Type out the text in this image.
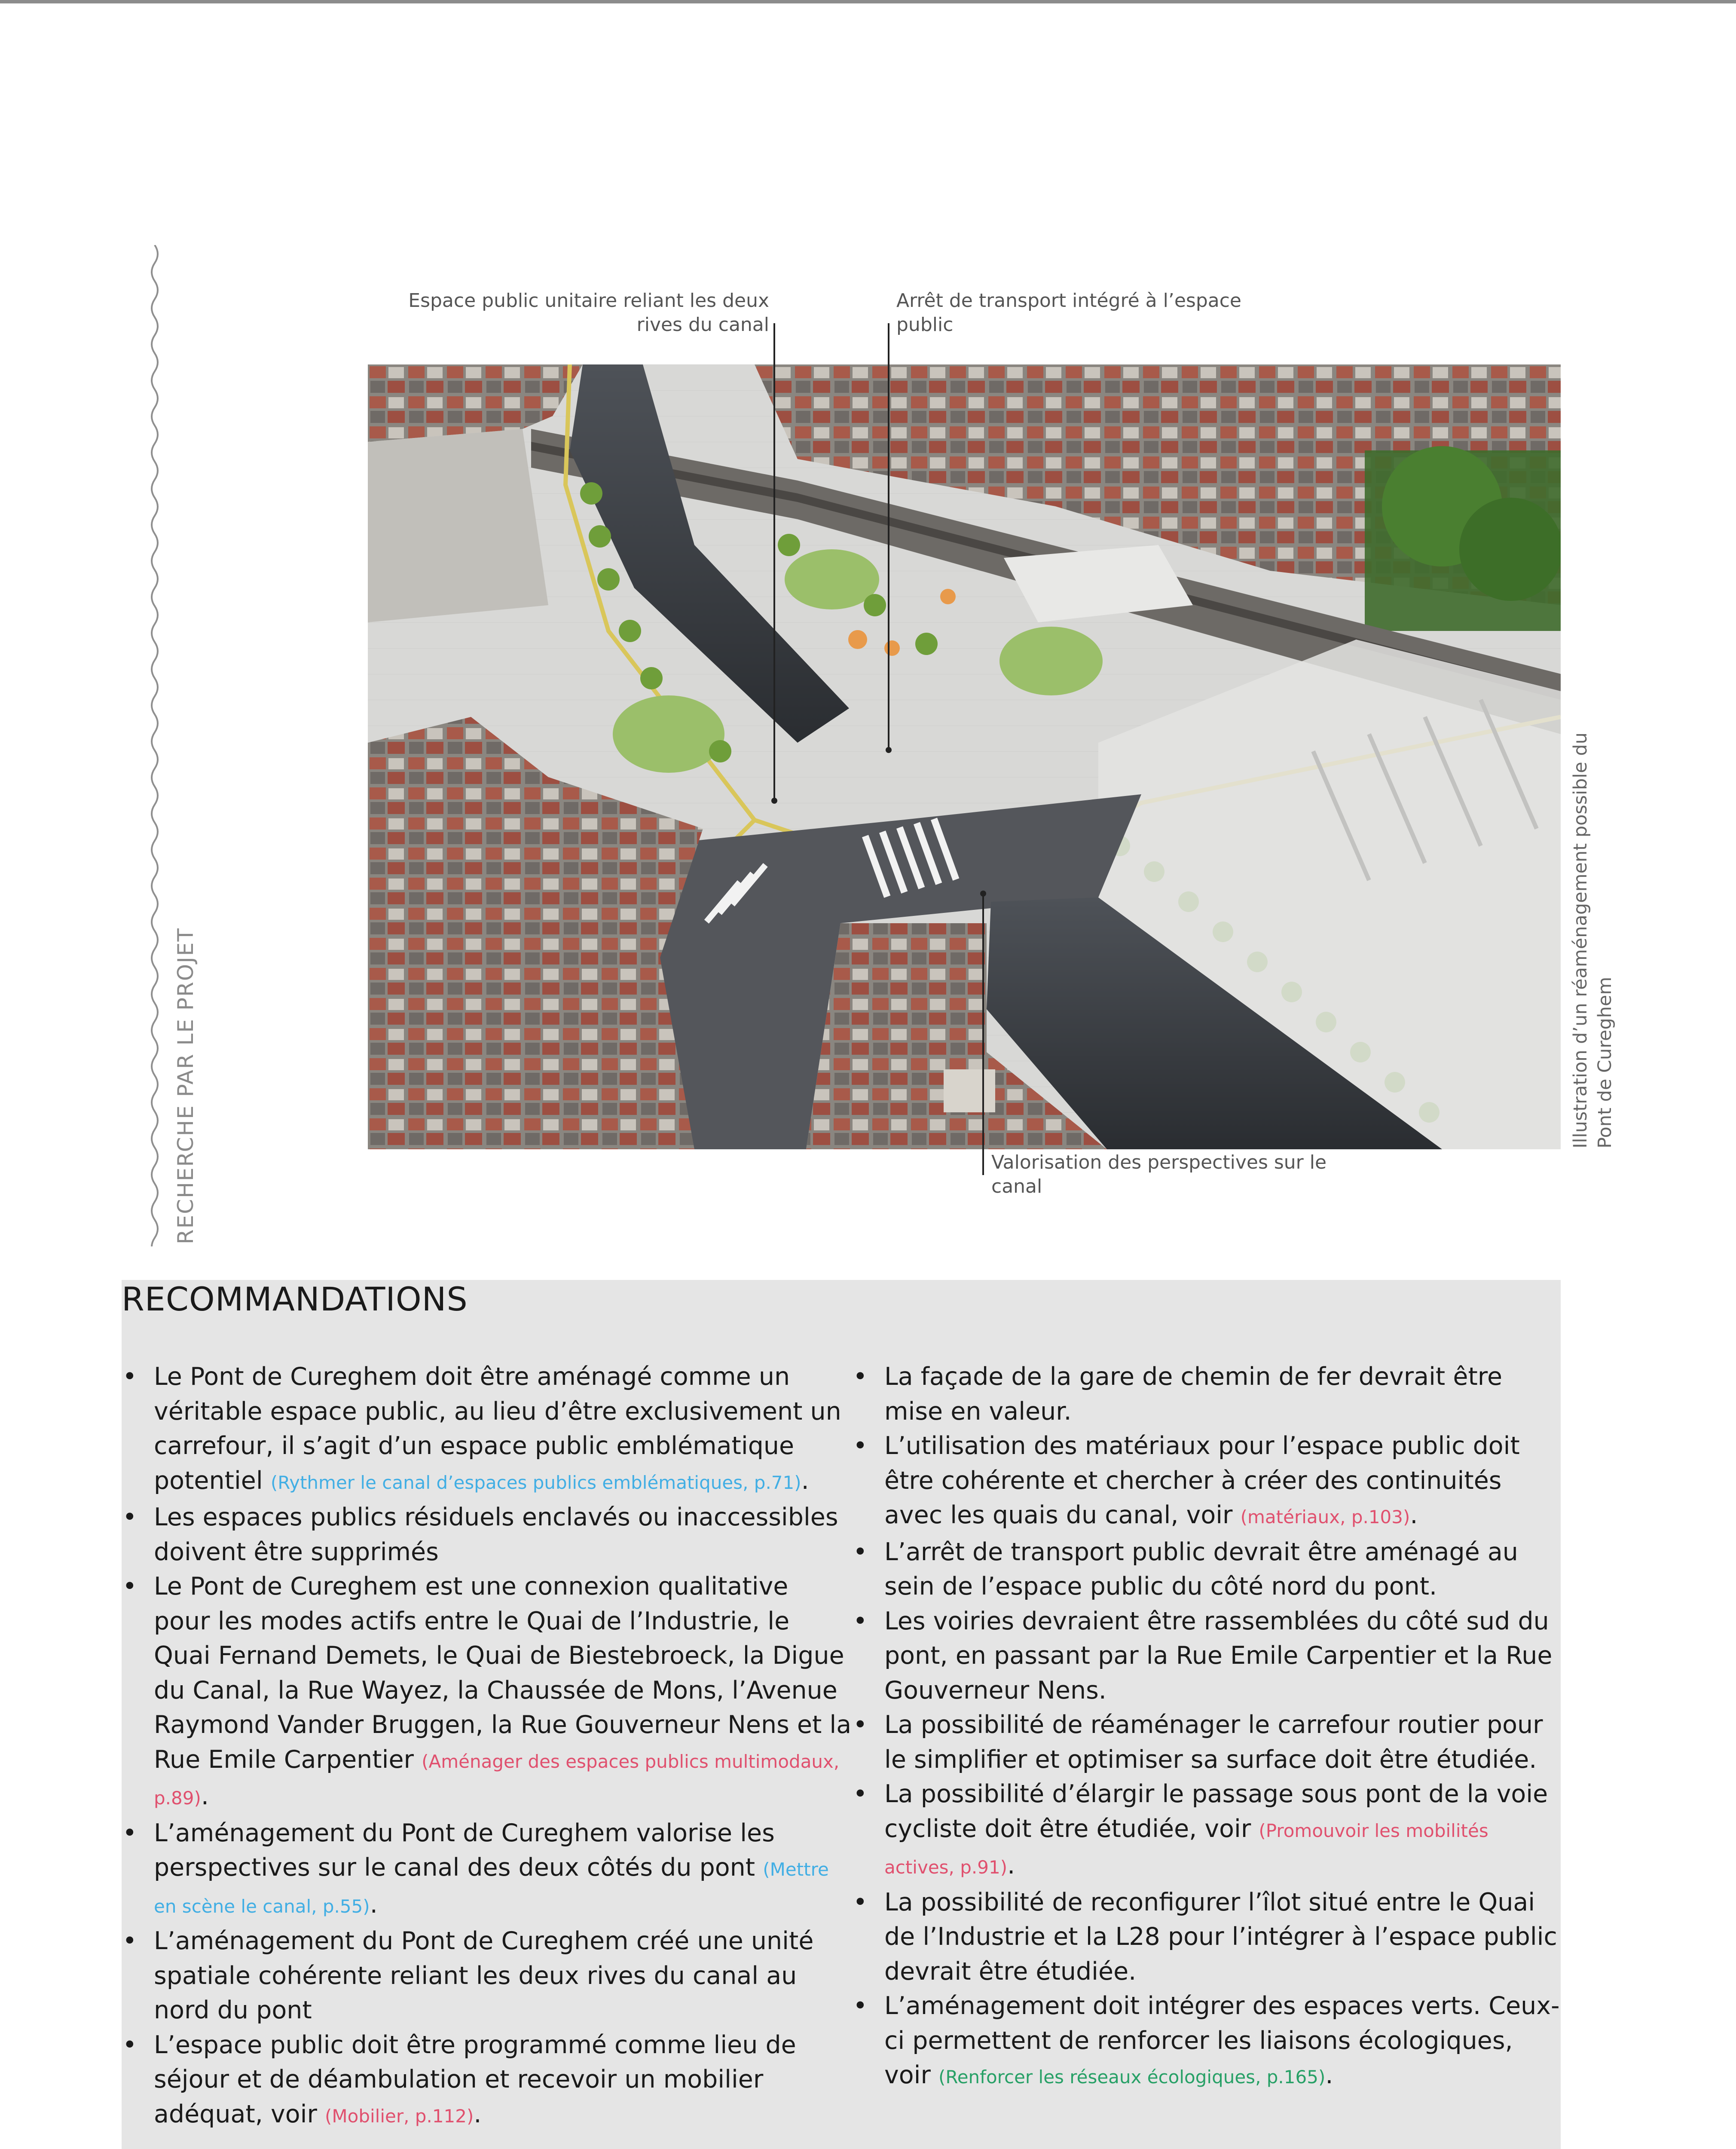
RECHERCHE PAR LE PROJET
Espace public unitaire reliant les deux rives du canal
Arrêt de transport intégré à l’espace public
Valorisation des perspectives sur le canal
Illustration d’un réaménagement possible du Pont de Cureghem
RECOMMANDATIONS
• Le Pont de Cureghem doit être aménagé comme un véritable espace public, au lieu d’être exclusivement un carrefour, il s’agit d’un espace public emblématique potentiel (Rythmer le canal d’espaces publics emblématiques, p.71).
• Les espaces publics résiduels enclavés ou inaccessibles doivent être supprimés
• Le Pont de Cureghem est une connexion qualitative pour les modes actifs entre le Quai de l’Industrie, le Quai Fernand Demets, le Quai de Biestebroeck, la Digue du Canal, la Rue Wayez, la Chaussée de Mons, l’Avenue Raymond Vander Bruggen, la Rue Gouverneur Nens et la Rue Emile Carpentier (Aménager des espaces publics multimodaux, p.89).
• L’aménagement du Pont de Cureghem valorise les perspectives sur le canal des deux côtés du pont (Mettre en scène le canal, p.55).
• L’aménagement du Pont de Cureghem créé une unité spatiale cohérente reliant les deux rives du canal au nord du pont
• L’espace public doit être programmé comme lieu de séjour et de déambulation et recevoir un mobilier adéquat, voir (Mobilier, p.112).
• La façade de la gare de chemin de fer devrait être mise en valeur.
• L’utilisation des matériaux pour l’espace public doit être cohérente et chercher à créer des continuités avec les quais du canal, voir (matériaux, p.103).
• L’arrêt de transport public devrait être aménagé au sein de l’espace public du côté nord du pont.
• Les voiries devraient être rassemblées du côté sud du pont, en passant par la Rue Emile Carpentier et la Rue Gouverneur Nens.
• La possibilité de réaménager le carrefour routier pour le simplifier et optimiser sa surface doit être étudiée.
• La possibilité d’élargir le passage sous pont de la voie cycliste doit être étudiée, voir (Promouvoir les mobilités actives, p.91).
• La possibilité de reconfigurer l’îlot situé entre le Quai de l’Industrie et la L28 pour l’intégrer à l’espace public devrait être étudiée.
• L’aménagement doit intégrer des espaces verts. Ceux-ci permettent de renforcer les liaisons écologiques, voir (Renforcer les réseaux écologiques, p.165).
